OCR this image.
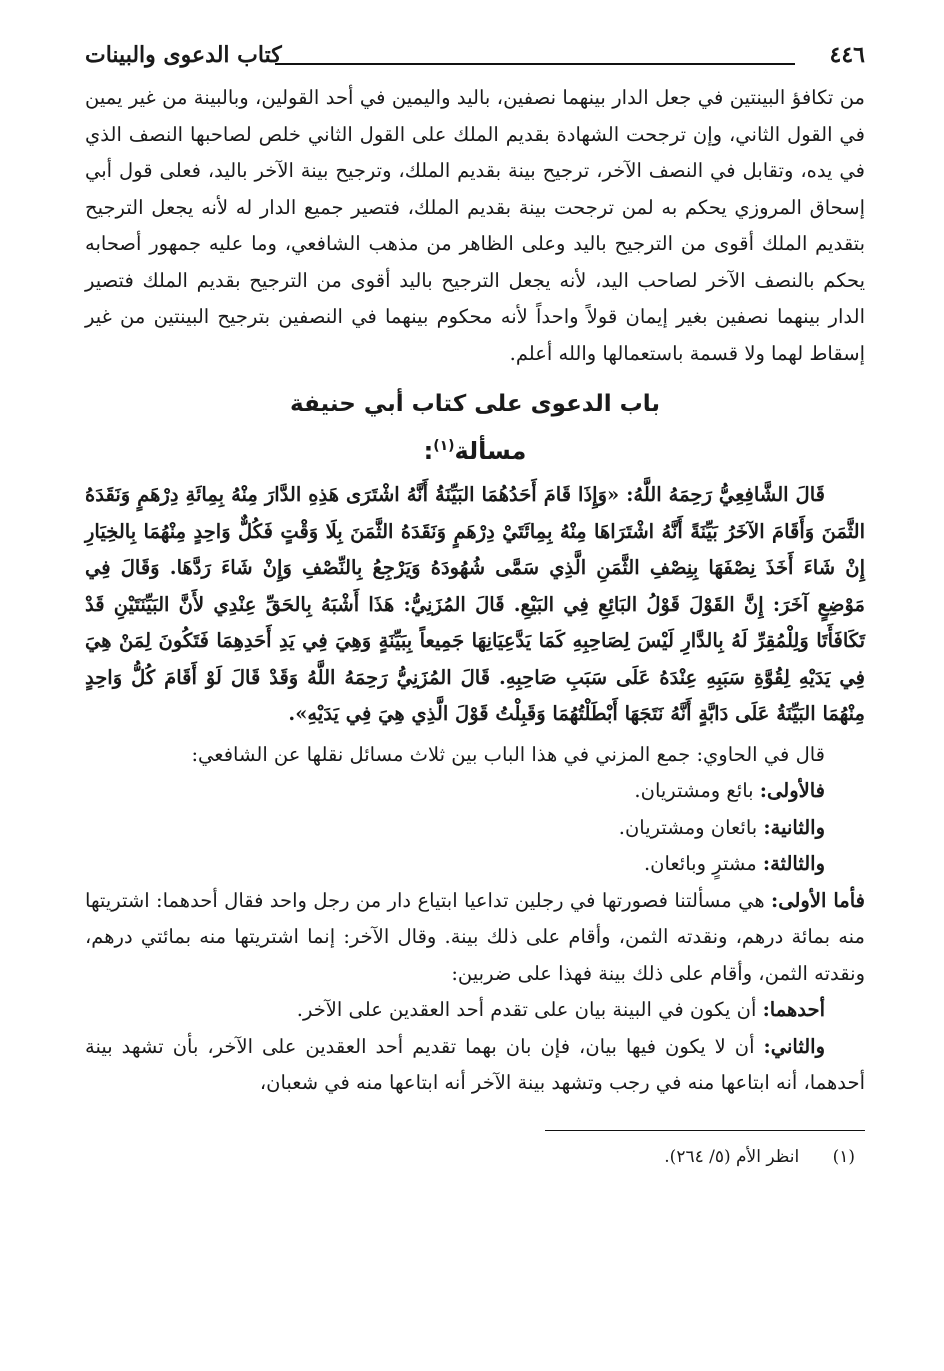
٤٤٦
كتاب الدعوى والبينات

من تكافؤ البينتين في جعل الدار بينهما نصفين، باليد واليمين في أحد القولين، وبالبينة من غير يمين في القول الثاني، وإن ترجحت الشهادة بقديم الملك على القول الثاني خلص لصاحبها النصف الذي في يده، وتقابل في النصف الآخر، ترجيح بينة بقديم الملك، وترجيح بينة الآخر باليد، فعلى قول أبي إسحاق المروزي يحكم به لمن ترجحت بينة بقديم الملك، فتصير جميع الدار له لأنه يجعل الترجيح بتقديم الملك أقوى من الترجيح باليد وعلى الظاهر من مذهب الشافعي، وما عليه جمهور أصحابه يحكم بالنصف الآخر لصاحب اليد، لأنه يجعل الترجيح باليد أقوى من الترجيح بقديم الملك فتصير الدار بينهما نصفين بغير إيمان قولاً واحداً لأنه محكوم بينهما في النصفين بترجيح البينتين من غير إسقاط لهما ولا قسمة باستعمالها والله أعلم.

باب الدعوى على كتاب أبي حنيفة
مسألة$^{(١)}$:

قَالَ الشَّافِعِيُّ رَحِمَهُ اللَّهُ: «وَإِذَا قَامَ أَحَدُهُمَا البَيِّنَةُ أَنَّهُ اشْتَرَى هَذِهِ الدَّارَ مِنْهُ بِمِائَةِ دِرْهَمٍ وَنَقَدَهُ الثَّمَنَ وَأَقَامَ الآخَرُ بَيِّنَةً أَنَّهُ اشْتَرَاهَا مِنْهُ بِمِائَتَيْ دِرْهَمٍ وَنَقَدَهُ الثَّمَنَ بِلَا وَقْتٍ فَكُلٌّ وَاحِدٍ مِنْهُمَا بِالخِيَارِ إِنْ شَاءَ أَخَذَ نِصْفَهَا بِنِصْفِ الثَّمَنِ الَّذِي سَمَّى شُهُودَهُ وَيَرْجِعُ بِالنِّصْفِ وَإِنْ شَاءَ رَدَّهَا. وَقَالَ فِي مَوْضِعٍ آخَرَ: إِنَّ القَوْلَ قَوْلُ البَائِعِ فِي البَيْعِ. قَالَ المُزَنِيُّ: هَذَا أَشْبَهُ بِالحَقِّ عِنْدِي لأَنَّ البَيِّنَتَيْنِ قَدْ تَكَافَأَتَا وَلِلْمُقِرِّ لَهُ بِالدَّارِ لَيْسَ لِصَاحِبِهِ كَمَا يَدَّعِيَانِهَا جَمِيعاً بِبَيِّنَةٍ وَهِيَ فِي يَدِ أَحَدِهِمَا فَتَكُونَ لِمَنْ هِيَ فِي يَدَيْهِ لِقُوَّةِ سَبَبِهِ عِنْدَهُ عَلَى سَبَبِ صَاحِبِهِ. قَالَ المُزَنِيُّ رَحِمَهُ اللَّهُ وَقَدْ قَالَ لَوْ أَقَامَ كُلُّ وَاحِدٍ مِنْهُمَا البَيِّنَةُ عَلَى دَابَّةٍ أَنَّهُ نَتَجَهَا أَبْطَلْتُهُمَا وَقَبِلْتُ قَوْلَ الَّذِي هِيَ فِي يَدَيْهِ».

قال في الحاوي: جمع المزني في هذا الباب بين ثلاث مسائل نقلها عن الشافعي:

فالأولى: بائع ومشتريان.
والثانية: بائعان ومشتريان.
والثالثة: مشترٍ وبائعان.

فأما الأولى: هي مسألتنا فصورتها في رجلين تداعيا ابتياع دار من رجل واحد فقال أحدهما: اشتريتها منه بمائة درهم، ونقدته الثمن، وأقام على ذلك بينة. وقال الآخر: إنما اشتريتها منه بمائتي درهم، ونقدته الثمن، وأقام على ذلك بينة فهذا على ضربين:

أحدهما: أن يكون في البينة بيان على تقدم أحد العقدين على الآخر.

والثاني: أن لا يكون فيها بيان، فإن بان بهما تقديم أحد العقدين على الآخر، بأن تشهد بينة أحدهما، أنه ابتاعها منه في رجب وتشهد بينة الآخر أنه ابتاعها منه في شعبان،

(١) انظر الأم (٥/ ٢٦٤).
